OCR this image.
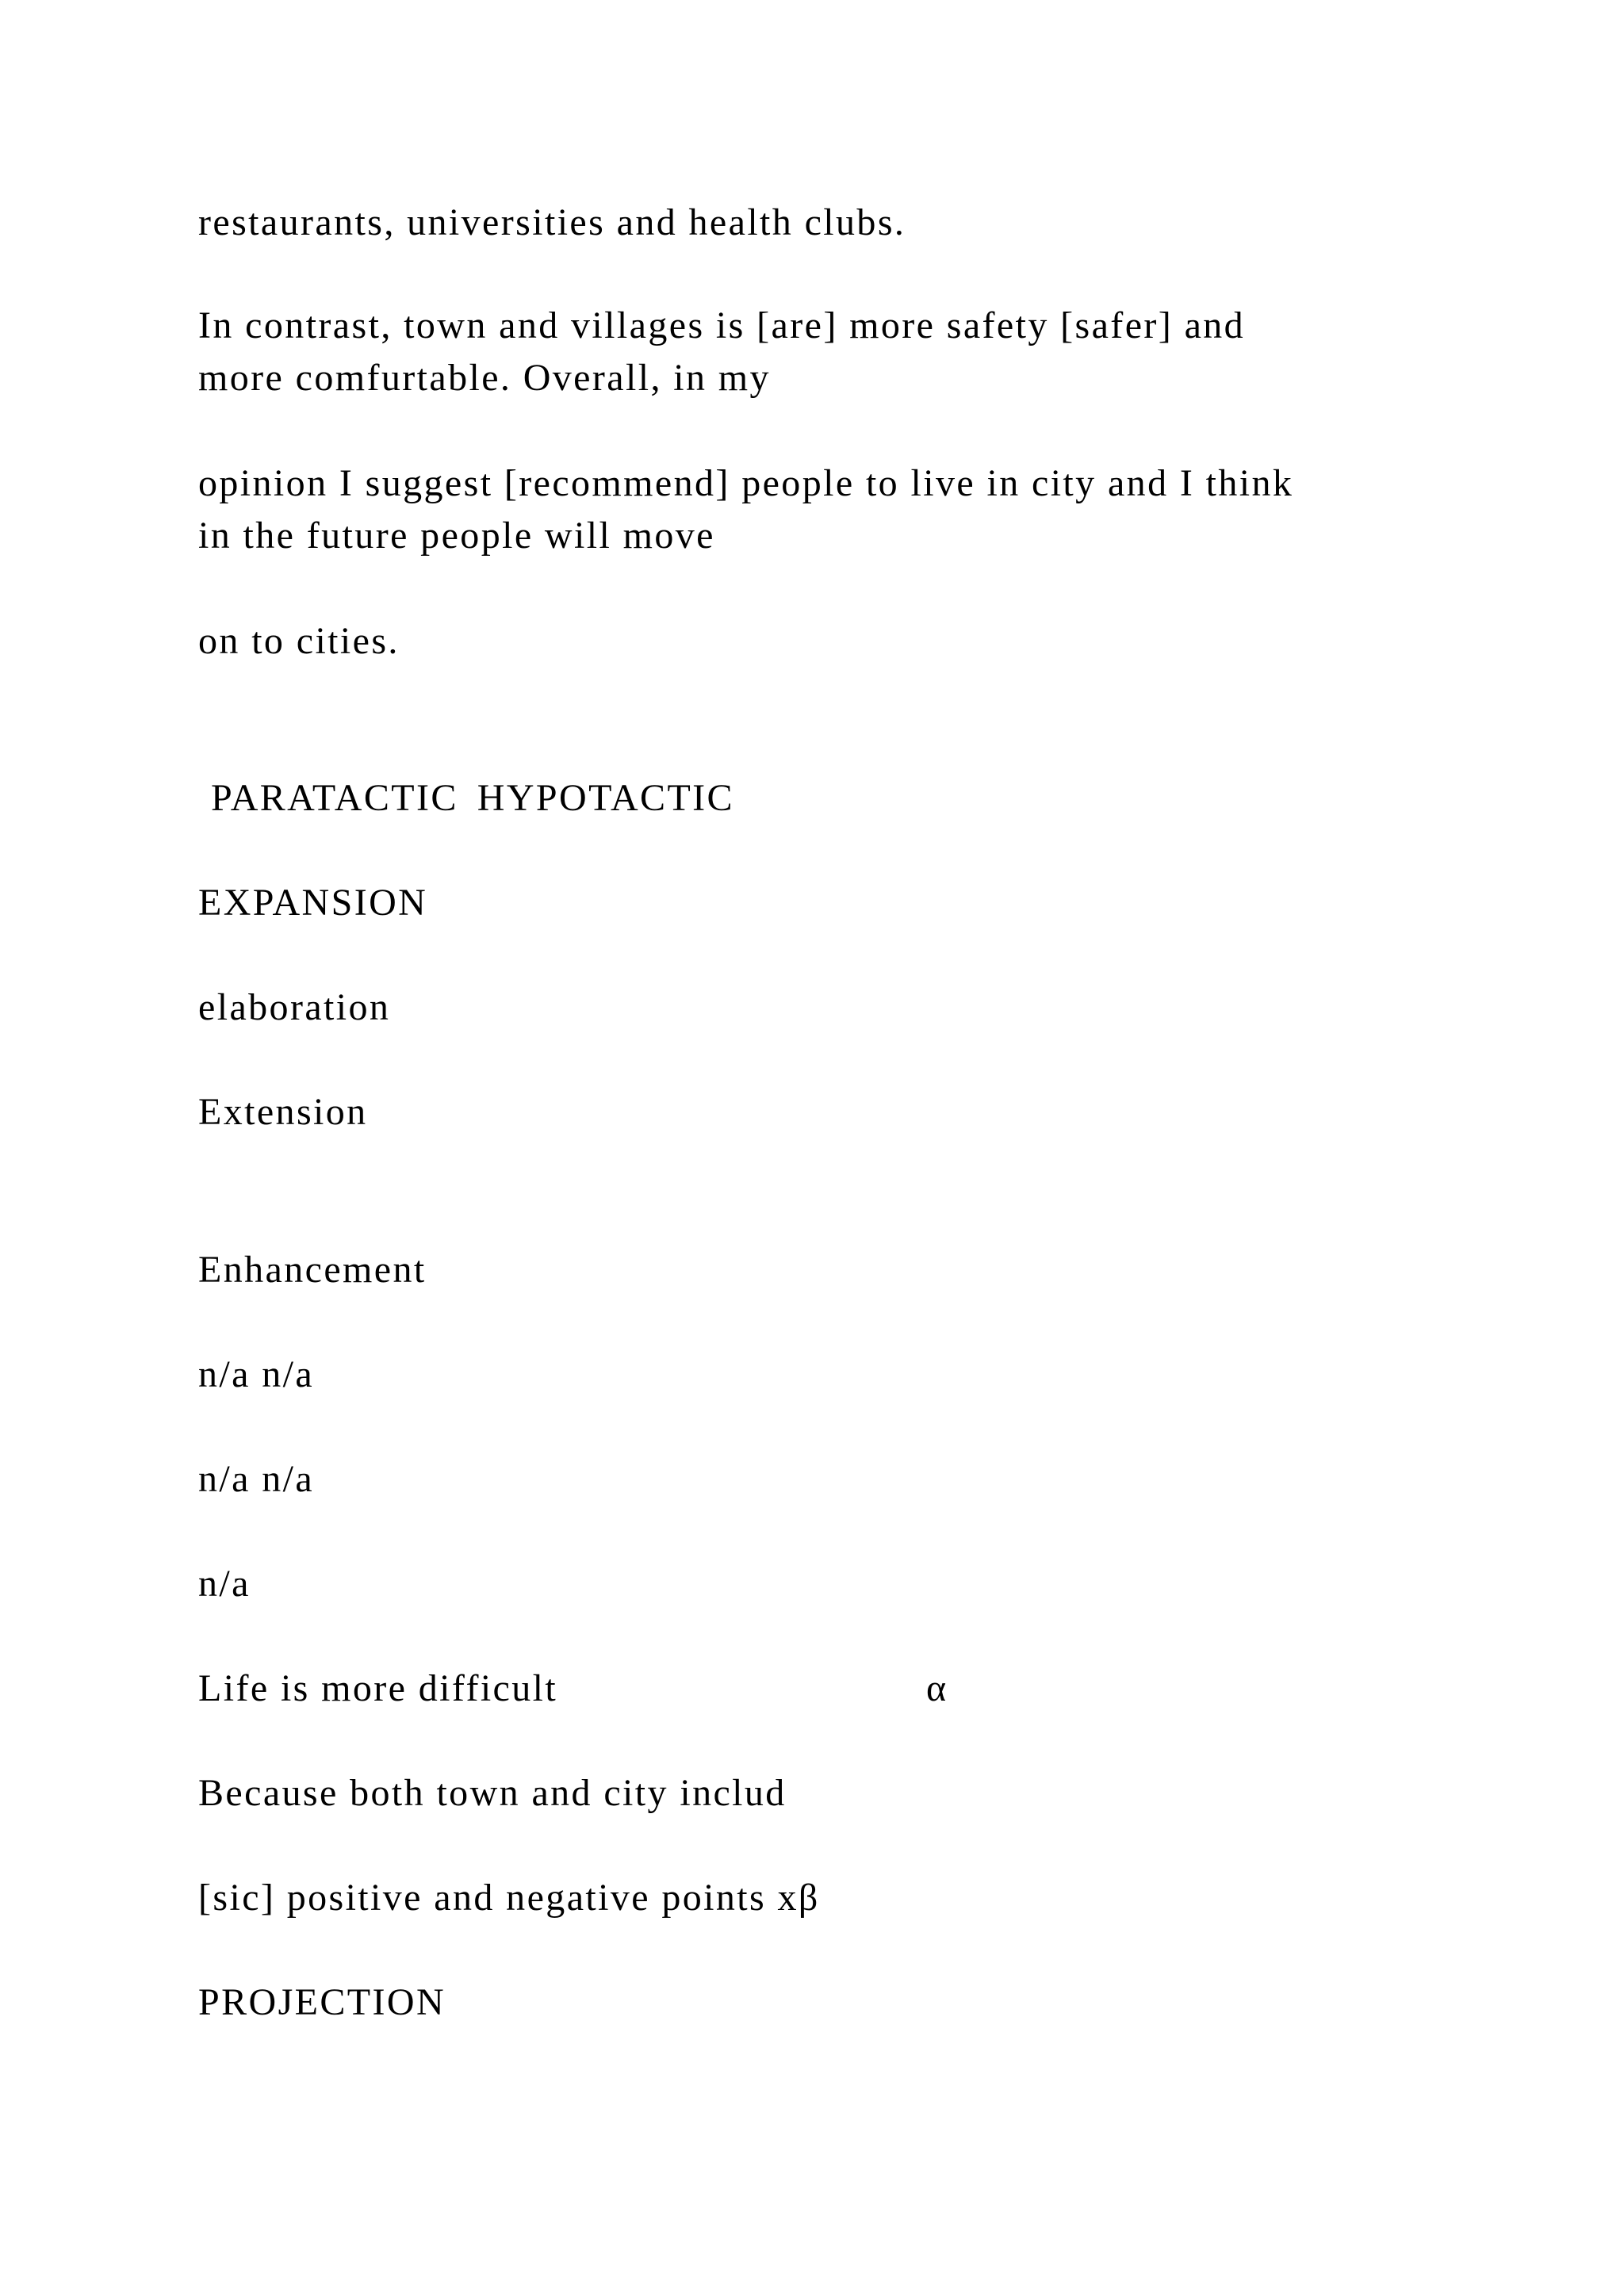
restaurants, universities and health clubs.
In contrast, town and villages is [are] more safety [safer] and
more comfurtable. Overall, in my
opinion I suggest [recommend] people to live in city and I think
in the future people will move
on to cities.
PARATACTIC HYPOTACTIC
EXPANSION
elaboration
Extension
Enhancement
n/a n/a
n/a n/a
n/a
Life is more difficult	α
Because both town and city includ
[sic] positive and negative points xβ
PROJECTION
